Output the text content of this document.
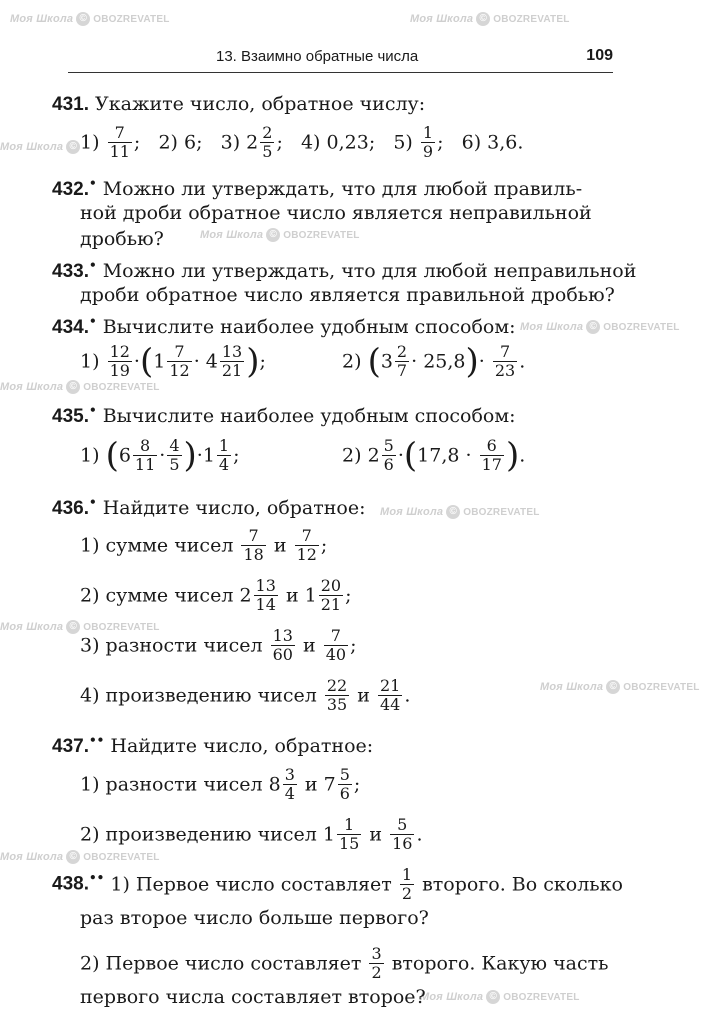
Моя Школа © OBOZREVATEL	Моя Школа © OBOZREVATEL
Моя Школа ©
Моя Школа © OBOZREVATEL
Моя Школа © OBOZREVATEL
Моя Школа © OBOZREVATEL
Моя Школа © OBOZREVATEL
Моя Школа © OBOZREVATEL
Моя Школа © OBOZREVATEL
Моя Школа © OBOZREVATEL
Моя Школа © OBOZREVATEL
13. Взаимно обратные числа	109
431. Укажите число, обратное числу:
$1) \frac{7}{11}$ ; 2) 6; 3) $2 \frac{2}{5}$ ; 4) 0,23; $5) \frac{1}{9}$ ; 6) 3,6.
432.• Можно ли утверждать, что для любой правиль-
ной дроби обратное число является неправильной
дробью?
433.• Можно ли утверждать, что для любой неправильной
дроби обратное число является правильной дробью?
434.• Вычислите наиболее удобным способом:
$1) \frac{12}{19} \cdot(1 \frac{7}{12} \cdot 4 \frac{13}{21}$ );	2) $(3 \frac{2}{7} \cdot 25,8)\cdot \frac{7}{23}$ .
435.• Вычислите наиболее удобным способом:
1) $(6 \frac{8}{11} \cdot \frac{4}{5} )\cdot 1 \frac{1}{4}$ ;	2) $2 \frac{5}{6} \cdot(17,8 \cdot \frac{6}{17}$ ).
436.• Найдите число, обратное:
1) сумме чисел $\frac{7}{18}$ и $\frac{7}{12}$ ;
2) сумме чисел $2 \frac{13}{14}$ и $1 \frac{20}{21}$ ;
3) разности чисел $\frac{13}{60}$ и $\frac{7}{40}$ ;
4) произведению чисел $\frac{22}{35}$ и $\frac{21}{44}$ .
437.•• Найдите число, обратное:
1) разности чисел $8 \frac{3}{4}$ и $7 \frac{5}{6}$ ;
2) произведению чисел $1 \frac{1}{15}$ и $\frac{5}{16}$ .
438.•• 1) Первое число составляет $\frac{1}{2}$ второго. Во сколько
раз второе число больше первого?
2) Первое число составляет $\frac{3}{2}$ второго. Какую часть
первого числа составляет второе?
